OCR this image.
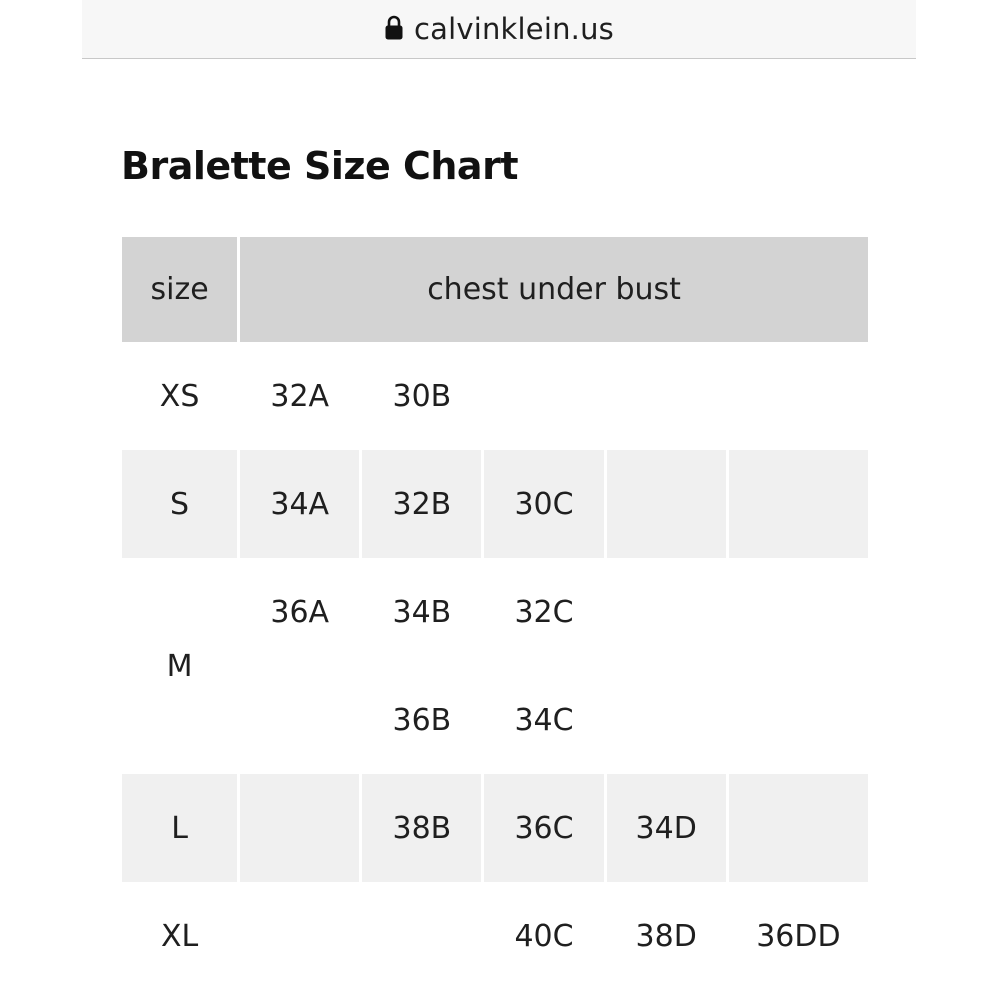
calvinklein.us
Bralette Size Chart
size	chest under bust				
XS	32A	30B			
S	34A	32B	30C		
M	36A	34B	32C		
		36B	34C		
L		38B	36C	34D	
XL			40C	38D	36DD
